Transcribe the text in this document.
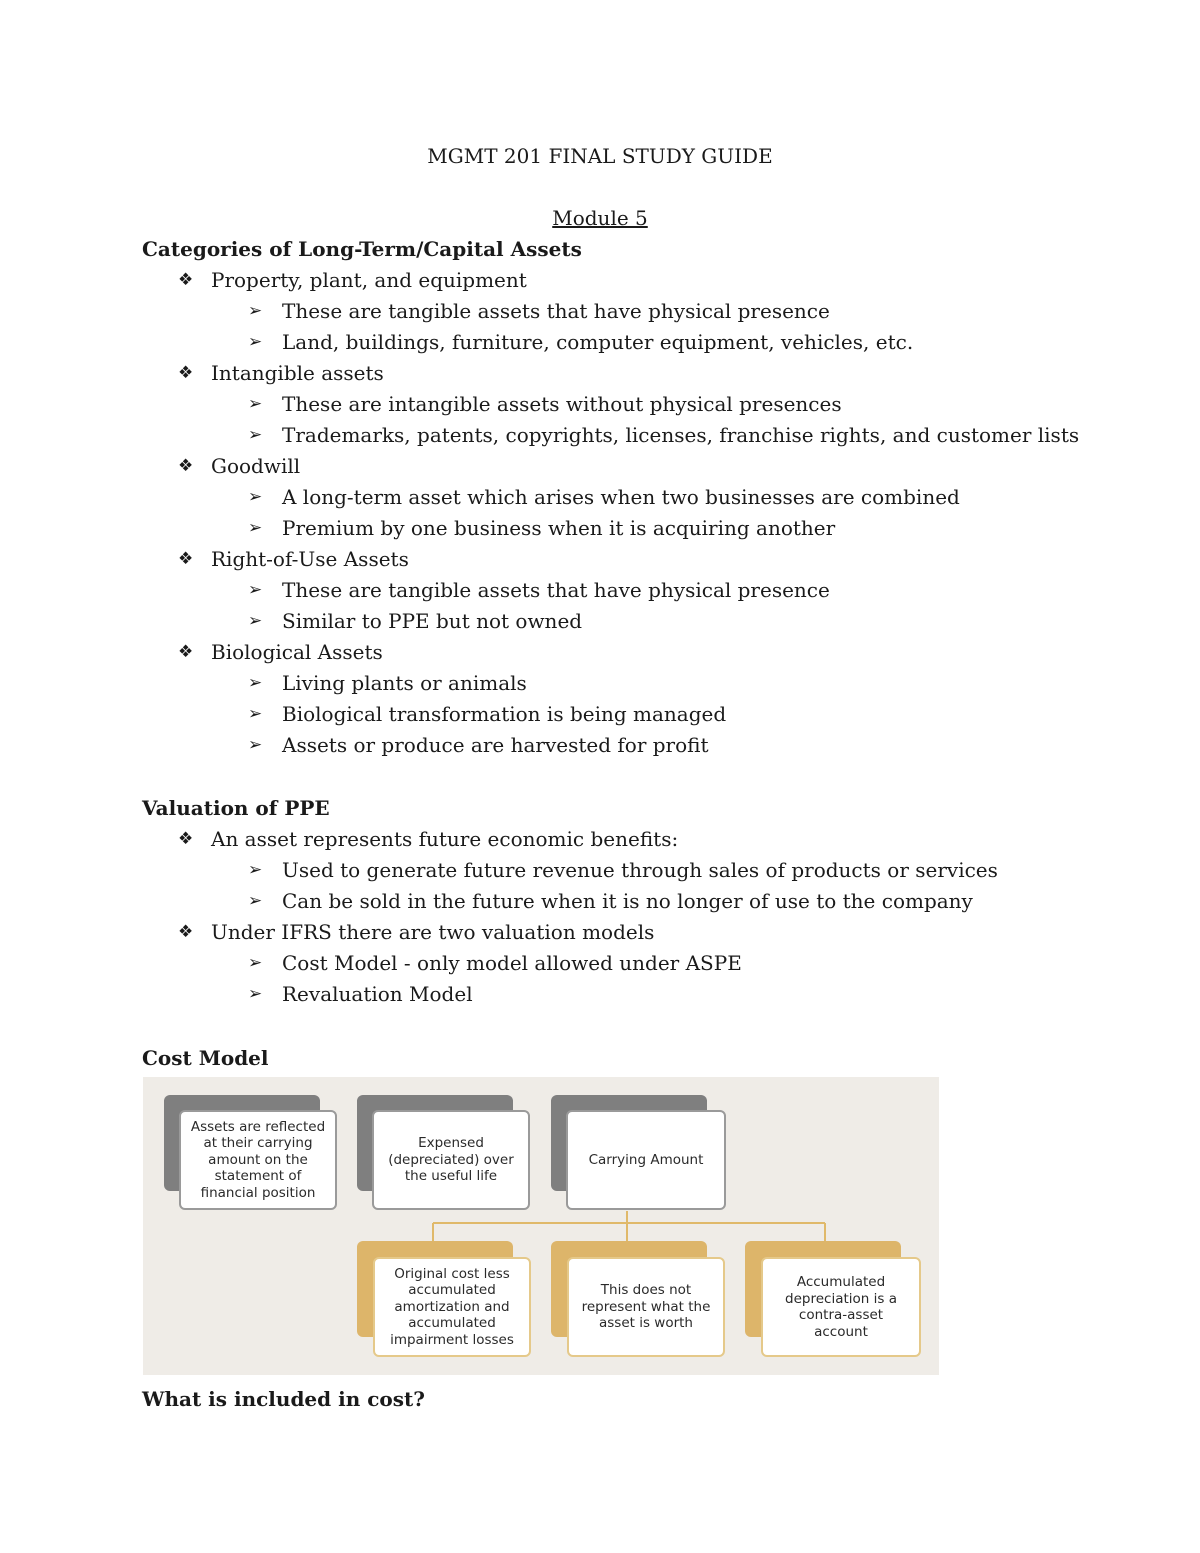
MGMT 201 FINAL STUDY GUIDE
Module 5
Categories of Long-Term/Capital Assets
❖ Property, plant, and equipment
➢ These are tangible assets that have physical presence
➢ Land, buildings, furniture, computer equipment, vehicles, etc.
❖ Intangible assets
➢ These are intangible assets without physical presences
➢ Trademarks, patents, copyrights, licenses, franchise rights, and customer lists
❖ Goodwill
➢ A long-term asset which arises when two businesses are combined
➢ Premium by one business when it is acquiring another
❖ Right-of-Use Assets
➢ These are tangible assets that have physical presence
➢ Similar to PPE but not owned
❖ Biological Assets
➢ Living plants or animals
➢ Biological transformation is being managed
➢ Assets or produce are harvested for profit
Valuation of PPE
❖ An asset represents future economic benefits:
➢ Used to generate future revenue through sales of products or services
➢ Can be sold in the future when it is no longer of use to the company
❖ Under IFRS there are two valuation models
➢ Cost Model - only model allowed under ASPE
➢ Revaluation Model
Cost Model
Assets are reflected at their carrying amount on the statement of financial position
Expensed (depreciated) over the useful life
Carrying Amount
Original cost less accumulated amortization and accumulated impairment losses
This does not represent what the asset is worth
Accumulated depreciation is a contra-asset account
What is included in cost?
